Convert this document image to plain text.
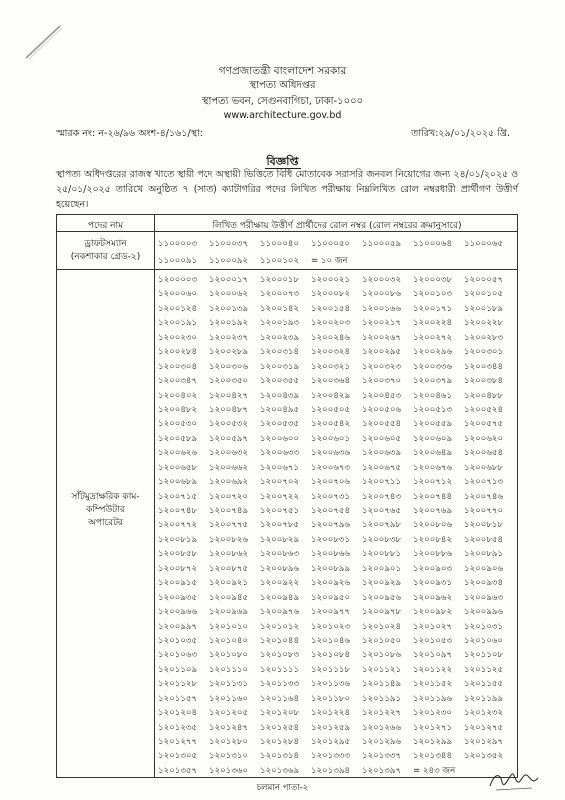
গণপ্রজাতন্ত্রী বাংলাদেশ সরকার
স্থাপত্য অধিদপ্তর
স্থাপত্য ভবন, সেগুনবাগিচা, ঢাকা-১০০০
www.architecture.gov.bd
স্মারক নং: ন-২৬/৯৬ অংশ-৪/১৬১/স্থা:	তারিখ:২৯/০১/২০২৫ খ্রি.
বিজ্ঞপ্তি
স্থাপত্য অধিদপ্তরের রাজস্ব খাতে স্থায়ী পদে অস্থায়ী ভিত্তিতে বিধি মোতাবেক সরাসরি জনবল নিয়োগের জন্য ২৪/০১/২০২৫ ও ২৫/০১/২০২৫ তারিখে অনুষ্ঠিত ৭ (সাত) ক্যাটাগরির পদের লিখিত পরীক্ষায় নিম্নলিখিত রোল নম্বরধারী প্রার্থীগণ উত্তীর্ণ হয়েছেন।
পদের নাম	লিখিত পরীক্ষায় উত্তীর্ণ প্রার্থীদের রোল নম্বর (রোল নম্বরের ক্রমানুসারে)
ড্রাফটসম্যান
(নকশাকার গ্রেড-২)
সাঁটমুদ্রাক্ষরিক কাম-
কম্পিউটার
অপারেটর
১১০০০০৩ ১১০০০৩৭ ১১০০০৪০ ১১০০০৫০ ১১০০০৫৯ ১১০০০৬৪ ১১০০০৬৫
১১০০০৯১ ১১০০০৯২ ১১০০১০২ = ১০ জন
১২০০০০৩ ১২০০০১৭ ১২০০০১৮ ১২০০০২১ ১২০০০৩২ ১২০০০৩৮ ১২০০০৫৭
১২০০০৬০ ১২০০০৬২ ১২০০০৭৩ ১২০০০৮২ ১২০০০৮৬ ১২০০১০৩ ১২০০১০৫
১২০০১২৪ ১২০০১৩৯ ১২০০১৪২ ১২০০১৫৪ ১২০০১৬৬ ১২০০১৭১ ১২০০১৮৯
১২০০১৯১ ১২০০১৯২ ১২০০১৯৩ ১২০০২০৩ ১২০০২১৭ ১২০০২২৪ ১২০০২২৮
১২০০২৩০ ১২০০২৩৭ ১২০০২৩৯ ১২০০২৪৬ ১২০০২৬৭ ১২০০২৭২ ১২০০২৮৩
১২০০২৮৪ ১২০০২৮৯ ১২০০৩১৪ ১২০০৩২৪ ১২০০২৯৫ ১২০০২৯৬ ১২০০৩০১
১২০০৩০৪ ১২০০৩০৬ ১২০০৩১৯ ১২০০৩২১ ১২০০৩২৩ ১২০০৩৩৬ ১২০০৩৪৪
১২০০৩৪৭ ১২০০৩৫০ ১২০০৩৫৫ ১২০০৩৬৪ ১২০০৩৭০ ১২০০৩৭৯ ১২০০৩৮৪
১২০০৪০২ ১২০০৪২৭ ১২০০৪৩৯ ১২০০৪২৯ ১২০০৪৫৩ ১২০০৪৬১ ১২০০৪৮৮
১২০০৪৮২ ১২০০৪৮৭ ১২০০৪৯৫ ১২০০৫০৫ ১২০০৫০৬ ১২০০৫১৩ ১২০০৫২৪
১২০০৫৩০ ১২০০৫৩২ ১২০০৫৩৫ ১২০০৫৪২ ১২০০৫৫৪ ১২০০৫৫৯ ১২০০৫৭৫
১২০০৫৮৯ ১২০০৫৯৭ ১২০০৬০০ ১২০০৬০১ ১২০০৬০৫ ১২০০৬০৯ ১২০০৬২০
১২০০৬২৬ ১২০০৬৩২ ১২০০৬৩৩ ১২০০৬৩৬ ১২০০৬৩৯ ১২০০৬৪৯ ১২০০৬৫৪
১২০০৬৫৮ ১২০০৬৬২ ১২০০৬৭১ ১২০০৬৭৩ ১২০০৬৭৫ ১২০০৬৭৬ ১২০০৬৮৮
১২০০৬৮৯ ১২০০৬৯২ ১২০০৭০২ ১২০০৭০৬ ১২০০৭১১ ১২০০৭১২ ১২০০৭১৩
১২০০৭১৫ ১২০০৭২০ ১২০০৭২২ ১২০০৭৩১ ১২০০৭৪৩ ১২০০৭৪৪ ১২০০৭৪৬
১২০০৭৪৮ ১২০০৭৪৯ ১২০০৭৫১ ১২০০৭৫৪ ১২০০৭৬৫ ১২০০৭৬৯ ১২০০৭৭০
১২০০৭৭২ ১২০০৭৭৫ ১২০০৭৮৫ ১২০০৭৯৬ ১২০০৭৯৮ ১২০০৮০৬ ১২০০৮১৮
১২০০৮১৯ ১২০০৮২৬ ১২০০৮২৯ ১২০০৮৩১ ১২০০৮৩৮ ১২০০৮৪২ ১২০০৮৫৪
১২০০৮৫৮ ১২০০৮৬২ ১২০০৮৬৩ ১২০০৮৬৬ ১২০০৮৮১ ১২০০৮৮৬ ১২০০৮৯১
১২০০৮৭২ ১২০০৮৭৫ ১২০০৮৯৬ ১২০০৮৯৯ ১২০০৯০১ ১২০০৯০৩ ১২০০৯০৬
১২০০৯১৫ ১২০০৯২১ ১২০০৯২২ ১২০০৯২৬ ১২০০৯২৯ ১২০০৯৩১ ১২০০৯৩৪
১২০০৯৩৫ ১২০০৯৪৫ ১২০০৯৪৯ ১২০০৯৫০ ১২০০৯৫৬ ১২০০৯৬২ ১২০০৯৬৩
১২০০৯৬৬ ১২০০৯৬৯ ১২০০৯৭৬ ১২০০৯৭৭ ১২০০৯৭৮ ১২০০৯৮২ ১২০০৯৯৬
১২০০৯৯৭ ১২০১০১০ ১২০১০১২ ১২০১০২৩ ১২০১০২৪ ১২০১০২৭ ১২০১০৩১
১২০১০৩৫ ১২০১০৪০ ১২০১০৪৪ ১২০১০৪৬ ১২০১০৫০ ১২০১০৫৩ ১২০১০৬০
১২০১০৬৩ ১২০১০৮০ ১২০১০৮৩ ১২০১০৮৪ ১২০১০৮৬ ১২০১০৯৭ ১২০১১০৮
১২০১১০৯ ১২০১১১০ ১২০১১১১ ১২০১১১৮ ১২০১১২১ ১২০১১২২ ১২০১১২৫
১২০১১২৮ ১২০১১৩১ ১২০১১৩৩ ১২০১১৩৬ ১২০১১৪৯ ১২০১১৫২ ১২০১১৫৫
১২০১১৫৭ ১২০১১৬০ ১২০১১৬৪ ১২০১১৮০ ১২০১১৯১ ১২০১১৯৬ ১২০১১৯৯
১২০১২০৪ ১২০১২০৫ ১২০১২০৮ ১২০১২২৪ ১২০১২২৭ ১২০১২৩০ ১২০১২৩২
১২০১২৩৫ ১২০১২৪৭ ১২০১২৫৪ ১২০১২৫৯ ১২০১২৬৬ ১২০১২৭১ ১২০১২৭৫
১২০১২৭৭ ১২০১২৮০ ১২০১২৮৪ ১২০১২৯৫ ১২০১২৯৬ ১২০১২৯৯ ১২০১২৯৭
১২০১৩০৫ ১২০১৩১০ ১২০১৩১৪ ১২০১৩৩৩ ১২০১৩৩৭ ১২০১৩৪৪ ১২০১৩৫২
১২০১৩৫৭ ১২০১৩৬০ ১২০১৩৬৯ ১২০১৩৯৪ ১২০১৩৯৭ = ২৪৩ জন
চলমান পাতা-২
